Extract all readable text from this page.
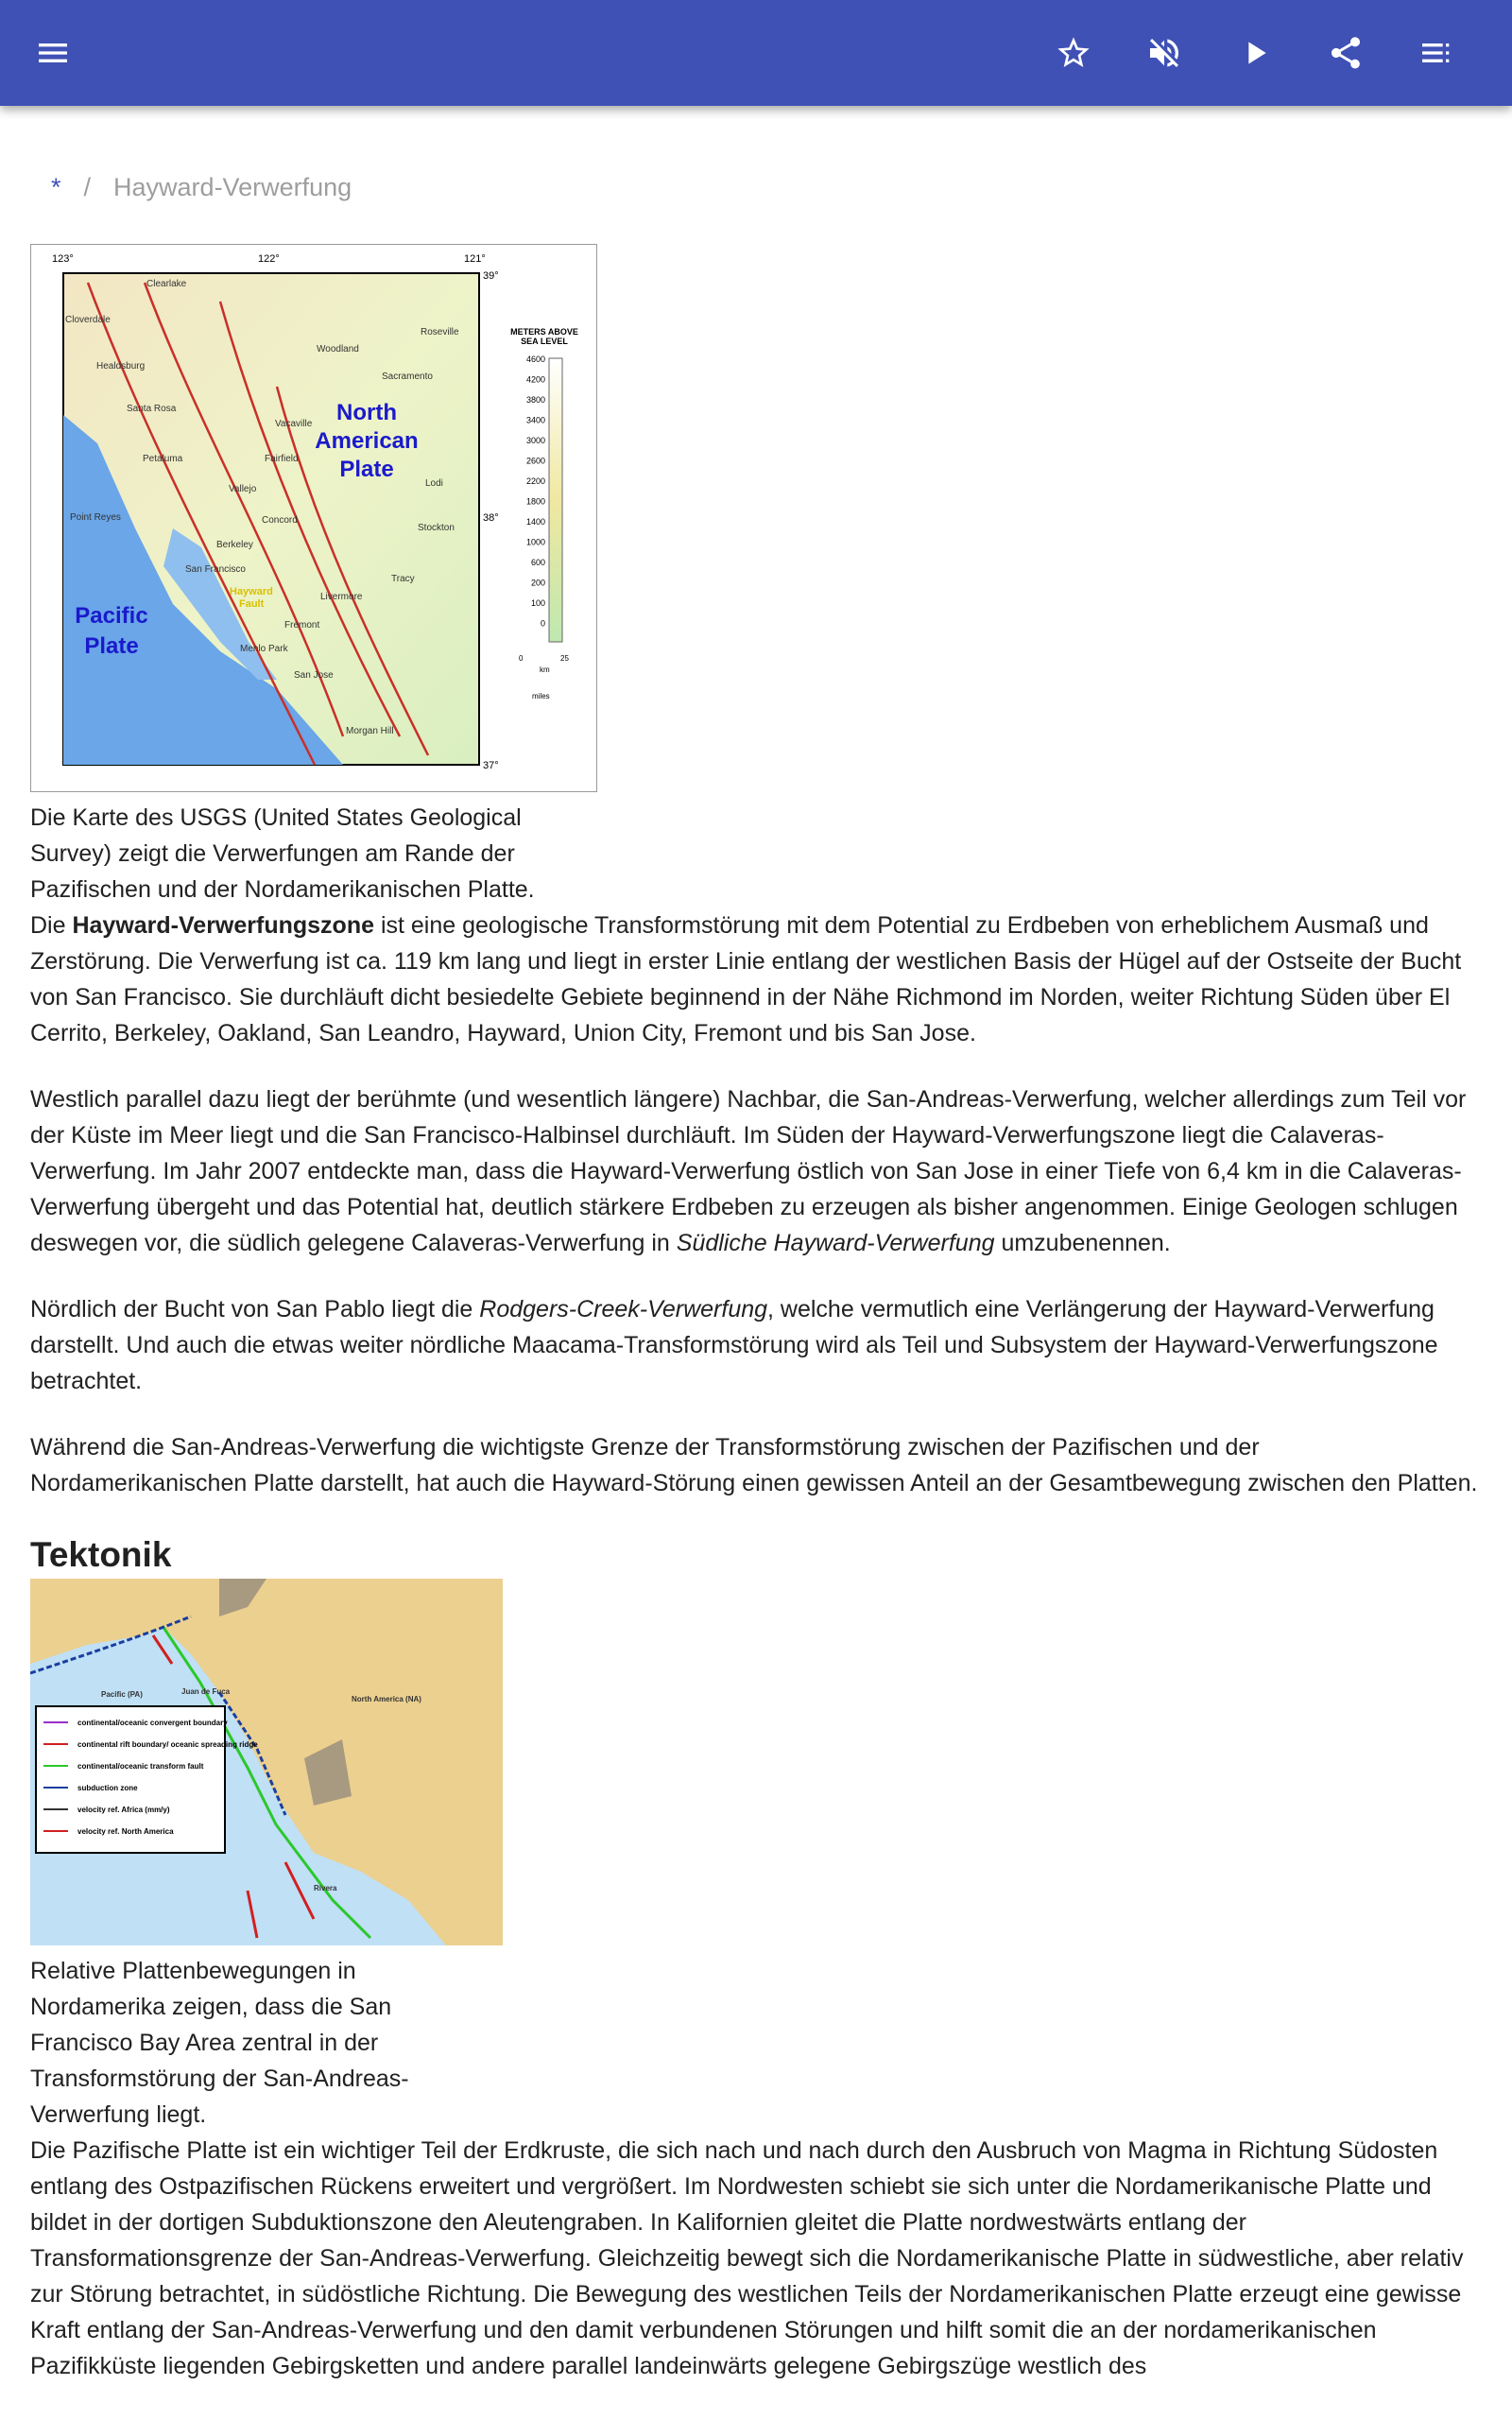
* / Hayward-Verwerfung
North American Plate
Pacific Plate
Hayward Fault
123°	122°	121°
39°
38°
37°
METERS ABOVE SEA LEVEL
4600
4200
3800
3400
3000
2600
2200
1800
1400
1000
600
200
100
0
0	25
km
miles
Clearlake
Cloverdale
Healdsburg
Santa Rosa
Petaluma
Point Reyes
Vallejo
Berkeley
San Francisco
Menlo Park
San Jose
Morgan Hill
Fremont
Livermore
Tracy
Stockton
Concord
Lodi
Fairfield
Vacaville
Woodland
Sacramento
Roseville
Die Karte des USGS (United States Geological Survey) zeigt die Verwerfungen am Rande der Pazifischen und der Nordamerikanischen Platte.

Die Hayward-Verwerfungszone ist eine geologische Transformstörung mit dem Potential zu Erdbeben von erheblichem Ausmaß und Zerstörung. Die Verwerfung ist ca. 119 km lang und liegt in erster Linie entlang der westlichen Basis der Hügel auf der Ostseite der Bucht von San Francisco. Sie durchläuft dicht besiedelte Gebiete beginnend in der Nähe Richmond im Norden, weiter Richtung Süden über El Cerrito, Berkeley, Oakland, San Leandro, Hayward, Union City, Fremont und bis San Jose.

Westlich parallel dazu liegt der berühmte (und wesentlich längere) Nachbar, die San-Andreas-Verwerfung, welcher allerdings zum Teil vor der Küste im Meer liegt und die San Francisco-Halbinsel durchläuft. Im Süden der Hayward-Verwerfungszone liegt die Calaveras-Verwerfung. Im Jahr 2007 entdeckte man, dass die Hayward-Verwerfung östlich von San Jose in einer Tiefe von 6,4 km in die Calaveras-Verwerfung übergeht und das Potential hat, deutlich stärkere Erdbeben zu erzeugen als bisher angenommen. Einige Geologen schlugen deswegen vor, die südlich gelegene Calaveras-Verwerfung in Südliche Hayward-Verwerfung umzubenennen.

Nördlich der Bucht von San Pablo liegt die Rodgers-Creek-Verwerfung, welche vermutlich eine Verlängerung der Hayward-Verwerfung darstellt. Und auch die etwas weiter nördliche Maacama-Transformstörung wird als Teil und Subsystem der Hayward-Verwerfungszone betrachtet.

Während die San-Andreas-Verwerfung die wichtigste Grenze der Transformstörung zwischen der Pazifischen und der Nordamerikanischen Platte darstellt, hat auch die Hayward-Störung einen gewissen Anteil an der Gesamtbewegung zwischen den Platten.

Tektonik
Pacific (PA)	Juan de Fuca
North America (NA)
Rivera
continental/oceanic convergent boundary
continental rift boundary/ oceanic spreading ridge
continental/oceanic transform fault
subduction zone
velocity ref. Africa (mm/y)
velocity ref. North America
Relative Plattenbewegungen in Nordamerika zeigen, dass die San Francisco Bay Area zentral in der Transformstörung der San-Andreas-Verwerfung liegt.

Die Pazifische Platte ist ein wichtiger Teil der Erdkruste, die sich nach und nach durch den Ausbruch von Magma in Richtung Südosten entlang des Ostpazifischen Rückens erweitert und vergrößert. Im Nordwesten schiebt sie sich unter die Nordamerikanische Platte und bildet in der dortigen Subduktionszone den Aleutengraben. In Kalifornien gleitet die Platte nordwestwärts entlang der Transformationsgrenze der San-Andreas-Verwerfung. Gleichzeitig bewegt sich die Nordamerikanische Platte in südwestliche, aber relativ zur Störung betrachtet, in südöstliche Richtung. Die Bewegung des westlichen Teils der Nordamerikanischen Platte erzeugt eine gewisse Kraft entlang der San-Andreas-Verwerfung und den damit verbundenen Störungen und hilft somit die an der nordamerikanischen Pazifikküste liegenden Gebirgsketten und andere parallel landeinwärts gelegene Gebirgszüge westlich des
